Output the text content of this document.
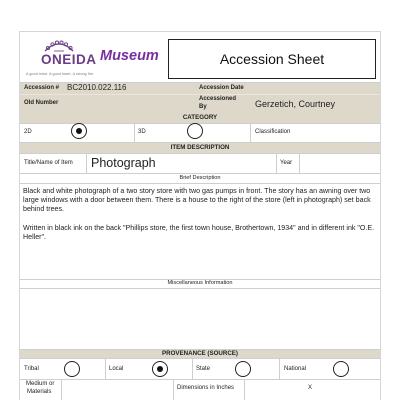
ONEIDA
A good mind. A good heart. A strong fire.
Museum	Accession Sheet
Accession # BC2010.022.116	Accession Date
Old Number
Accessioned
By	Gerzetich, Courtney
CATEGORY
2D	3D	Classification
ITEM DESCRIPTION
Title/Name of Item Photograph	Year
Brief Description

Black and white photograph of a two story store with two gas pumps in front. The story has an awning over two large windows with a door between them. There is a house to the right of the store (left in photograph) set back behind trees.

Written in black ink on the back "Phillips store, the first town house, Brothertown, 1934" and in different ink "O.E. Heller".

Miscellaneous Information
PROVENANCE (SOURCE)
Tribal	Local	State	National
Medium or
Materials
Dimensions in Inches	X
